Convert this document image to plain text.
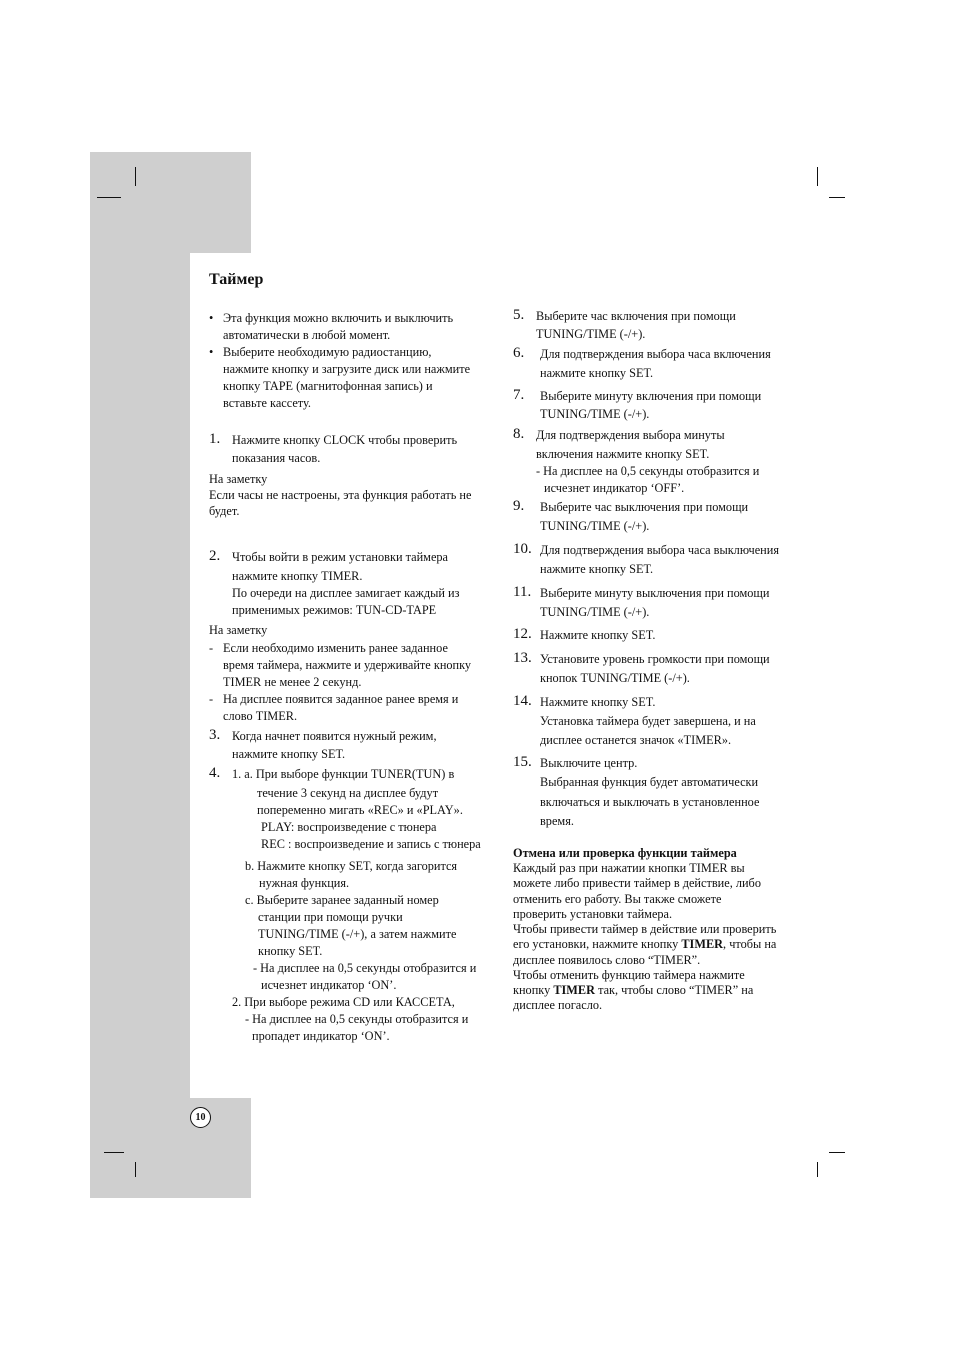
Таймер
• Эта функция можно включить и выключить
автоматически в любой момент.
• Выберите необходимую радиостанцию,
нажмите кнопку и загрузите диск или нажмите
кнопку TAPE (магнитофонная запись) и
вставьте кассету.
1. Нажмите кнопку CLOCK чтобы проверить
показания часов.
На заметку
Если часы не настроены, эта функция работать не
будет.
2. Чтобы войти в режим установки таймера
нажмите кнопку TIMER.
По очереди на дисплее замигает каждый из
применимых режимов: TUN-CD-TAPE
На заметку
- Если необходимо изменить ранее заданное
время таймера, нажмите и удерживайте кнопку
TIMER не менее 2 секунд.
- На дисплее появится заданное ранее время и
слово TIMER.
3. Когда начнет появится нужный режим,
нажмите кнопку SET.
4. 1. a. При выборе функции TUNER(TUN) в
течение 3 секунд на дисплее будут
попеременно мигать «REC» и «PLAY».
PLAY: воспроизведение с тюнера
REC : воспроизведение и запись с тюнера
b. Нажмите кнопку SET, когда загорится
нужная функция.
c. Выберите заранее заданный номер
станции при помощи ручки
TUNING/TIME (-/+), а затем нажмите
кнопку SET.
- На дисплее на 0,5 секунды отобразится и
исчезнет индикатор ‘ON’.
2. При выборе режима CD или КАССЕТА,
- На дисплее на 0,5 секунды отобразится и
пропадет индикатор ‘ON’.
5. Выберите час включения при помощи
TUNING/TIME (-/+).
6. Для подтверждения выбора часа включения
нажмите кнопку SET.
7. Выберите минуту включения при помощи
TUNING/TIME (-/+).
8. Для подтверждения выбора минуты
включения нажмите кнопку SET.
- На дисплее на 0,5 секунды отобразится и
исчезнет индикатор ‘OFF’.
9. Выберите час выключения при помощи
TUNING/TIME (-/+).
10. Для подтверждения выбора часа выключения
нажмите кнопку SET.
11. Выберите минуту выключения при помощи
TUNING/TIME (-/+).
12. Нажмите кнопку SET.
13. Установите уровень громкости при помощи
кнопок TUNING/TIME (-/+).
14. Нажмите кнопку SET.
Установка таймера будет завершена, и на
дисплее останется значок «TIMER».
15. Выключите центр.
Выбранная функция будет автоматически
включаться и выключать в установленное
время.
Отмена или проверка функции таймера
Каждый раз при нажатии кнопки TIMER вы
можете либо привести таймер в действие, либо
отменить его работу. Вы также сможете
проверить установки таймера.
Чтобы привести таймер в действие или проверить
его установки, нажмите кнопку TIMER, чтобы на
дисплее появилось слово “TIMER”.
Чтобы отменить функцию таймера нажмите
кнопку TIMER так, чтобы слово “TIMER” на
дисплее погасло.
10
